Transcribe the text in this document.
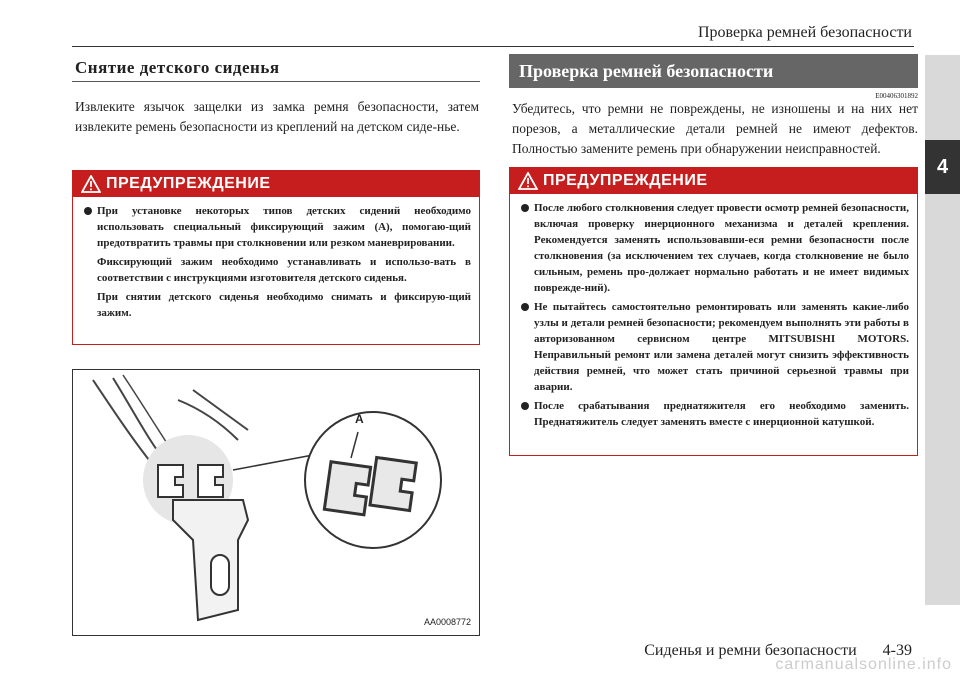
Проверка ремней безопасности
4
Снятие детского сиденья
Извлеките язычок защелки из замка ремня безопасности, затем извлеките ремень безопасности из креплений на детском сиде-нье.
ПРЕДУПРЕЖДЕНИЕ
При установке некоторых типов детских сидений необходимо использовать специальный фиксирующий зажим (A), помогаю-щий предотвратить травмы при столкновении или резком маневрировании.
Фиксирующий зажим необходимо устанавливать и использо-вать в соответствии с инструкциями изготовителя детского сиденья.
При снятии детского сиденья необходимо снимать и фиксирую-щий зажим.
A
AA0008772
Проверка ремней безопасности
E00406301892
Убедитесь, что ремни не повреждены, не изношены и на них нет порезов, а металлические детали ремней не имеют дефектов. Полностью замените ремень при обнаружении неисправностей.
ПРЕДУПРЕЖДЕНИЕ
После любого столкновения следует провести осмотр ремней безопасности, включая проверку инерционного механизма и деталей крепления. Рекомендуется заменять использовавши-еся ремни безопасности после столкновения (за исключением тех случаев, когда столкновение не было сильным, ремень про-должает нормально работать и не имеет видимых поврежде-ний).
Не пытайтесь самостоятельно ремонтировать или заменять какие-либо узлы и детали ремней безопасности; рекомендуем выполнять эти работы в авторизованном сервисном центре MITSUBISHI MOTORS. Неправильный ремонт или замена деталей могут снизить эффективность действия ремней, что может стать причиной серьезной травмы при аварии.
После срабатывания преднатяжителя его необходимо заменить. Преднатяжитель следует заменять вместе с инерционной катушкой.
Сиденья и ремни безопасности 4-39
carmanualsonline.info
